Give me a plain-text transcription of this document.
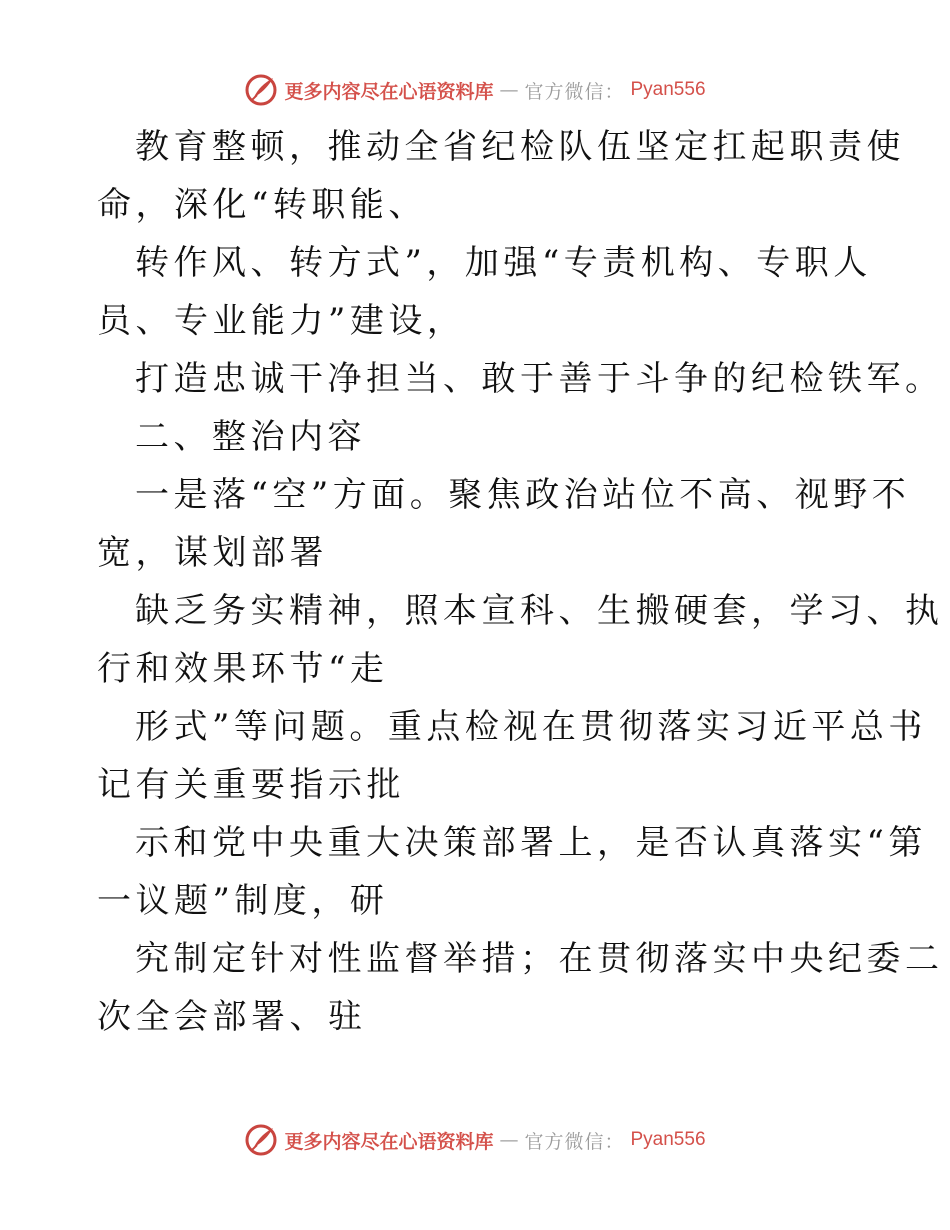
更多内容尽在心语资料库 — 官方微信： Pyan556
教育整顿，推动全省纪检队伍坚定扛起职责使
命，深化“转职能、
转作风、转方式”，加强“专责机构、专职人
员、专业能力”建设，
打造忠诚干净担当、敢于善于斗争的纪检铁军。
二、整治内容
一是落“空”方面。聚焦政治站位不高、视野不
宽，谋划部署
缺乏务实精神，照本宣科、生搬硬套，学习、执
行和效果环节“走
形式”等问题。重点检视在贯彻落实习近平总书
记有关重要指示批
示和党中央重大决策部署上，是否认真落实“第
一议题”制度，研
究制定针对性监督举措；在贯彻落实中央纪委二
次全会部署、驻
更多内容尽在心语资料库 — 官方微信： Pyan556
